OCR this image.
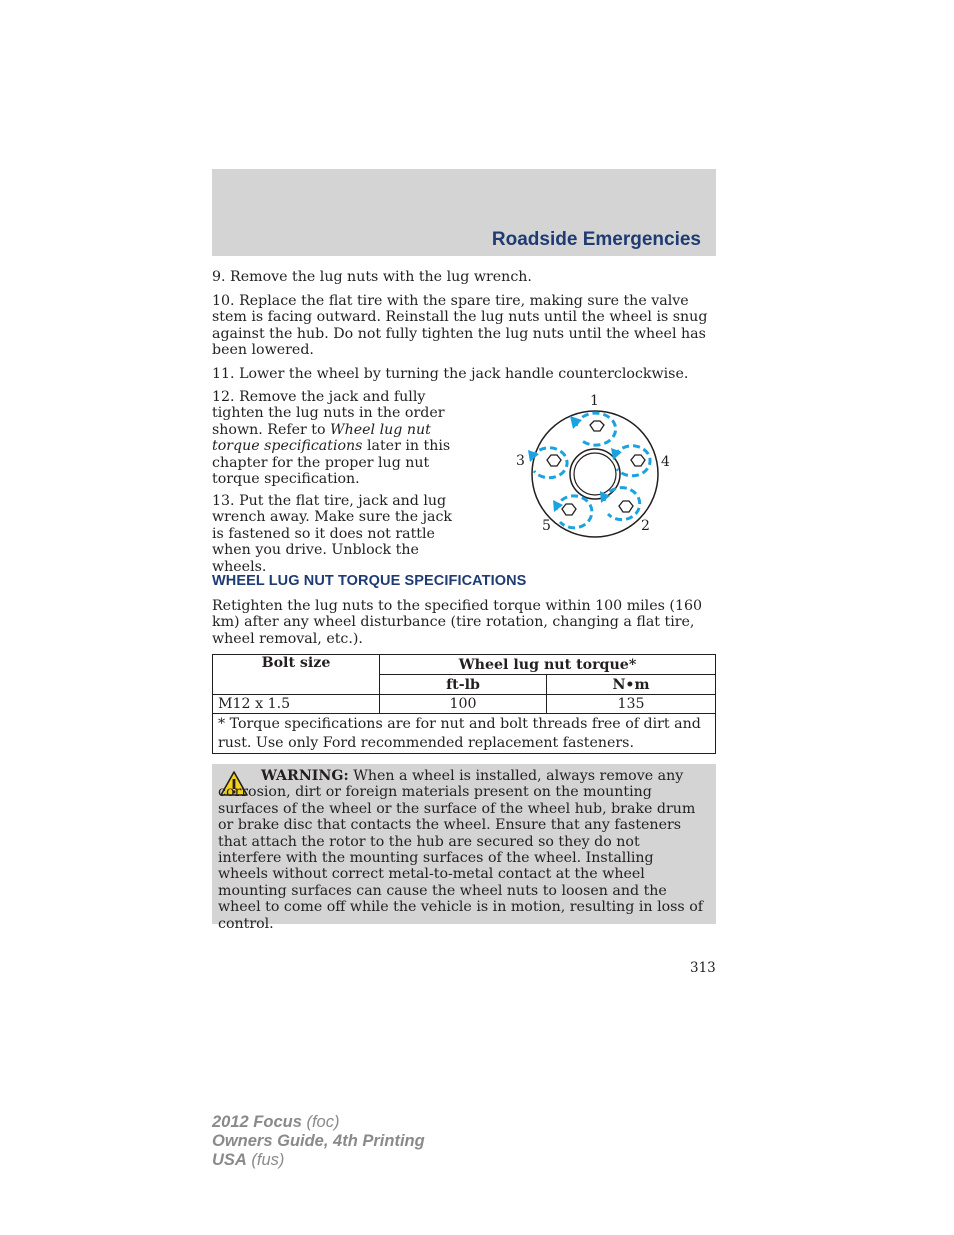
Roadside Emergencies

9. Remove the lug nuts with the lug wrench.

10. Replace the flat tire with the spare tire, making sure the valve stem is facing outward. Reinstall the lug nuts until the wheel is snug against the hub. Do not fully tighten the lug nuts until the wheel has been lowered.

11. Lower the wheel by turning the jack handle counterclockwise.

12. Remove the jack and fully tighten the lug nuts in the order shown. Refer to Wheel lug nut torque specifications later in this chapter for the proper lug nut torque specification.

13. Put the flat tire, jack and lug wrench away. Make sure the jack is fastened so it does not rattle when you drive. Unblock the wheels.

1
2
3	4
5
WHEEL LUG NUT TORQUE SPECIFICATIONS

Retighten the lug nuts to the specified torque within 100 miles (160 km) after any wheel disturbance (tire rotation, changing a flat tire, wheel removal, etc.).

Bolt size	Wheel lug nut torque*	
	ft-lb	N•m
M12 x 1.5	100	135
* Torque specifications are for nut and bolt threads free of dirt and rust. Use only Ford recommended replacement fasteners.		

WARNING: When a wheel is installed, always remove any corrosion, dirt or foreign materials present on the mounting surfaces of the wheel or the surface of the wheel hub, brake drum or brake disc that contacts the wheel. Ensure that any fasteners that attach the rotor to the hub are secured so they do not interfere with the mounting surfaces of the wheel. Installing wheels without correct metal-to-metal contact at the wheel mounting surfaces can cause the wheel nuts to loosen and the wheel to come off while the vehicle is in motion, resulting in loss of control.

313
2012 Focus (foc)
Owners Guide, 4th Printing
USA (fus)
